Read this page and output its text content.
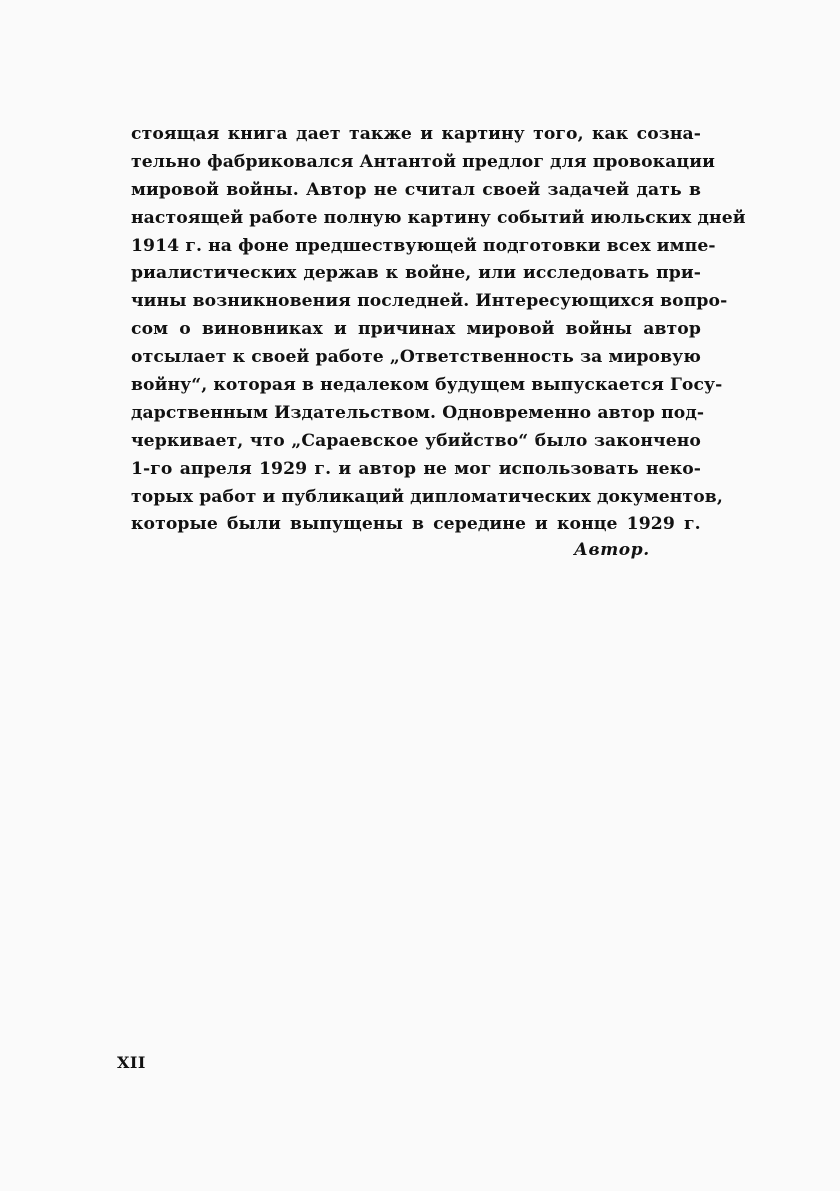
стоящая книга дает также и картину того, как созна-
тельно фабриковался Антантой предлог для провокации
мировой войны. Автор не считал своей задачей дать в
настоящей работе полную картину событий июльских дней
1914 г. на фоне предшествующей подготовки всех импе-
риалистических держав к войне, или исследовать при-
чины возникновения последней. Интересующихся вопро-
сом о виновниках и причинах мировой войны автор
отсылает к своей работе „Ответственность за мировую
войну“, которая в недалеком будущем выпускается Госу-
дарственным Издательством. Одновременно автор под-
черкивает, что „Сараевское убийство“ было закончено
1-го апреля 1929 г. и автор не мог использовать неко-
торых работ и публикаций дипломатических документов,
которые были выпущены в середине и конце 1929 г.
Автор.
XII
